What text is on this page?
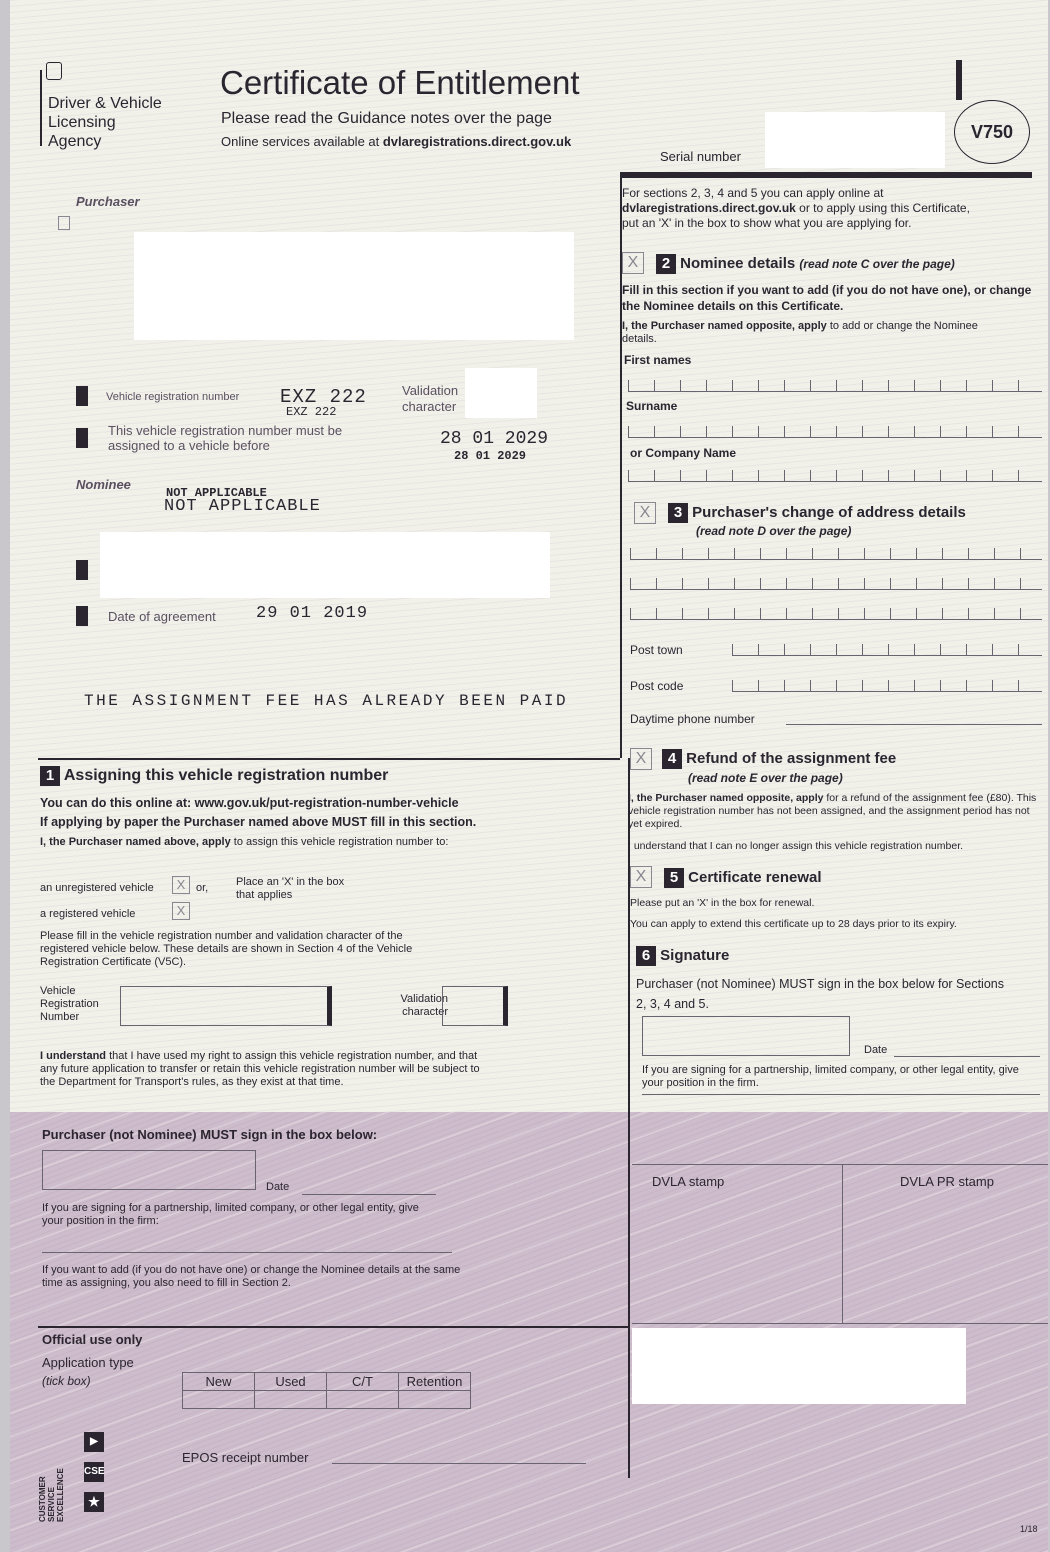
Driver & Vehicle
Licensing
Agency
Certificate of Entitlement
Please read the Guidance notes over the page
Online services available at dvlaregistrations.direct.gov.uk
Serial number
V750
Purchaser
Vehicle registration number EXZ 222
EXZ 222
Validation character
This vehicle registration number must be assigned to a vehicle before	28 01 2029
28 01 2029
Nominee
NOT APPLICABLE
NOT APPLICABLE
Date of agreement 29 01 2019
THE ASSIGNMENT FEE HAS ALREADY BEEN PAID
1 Assigning this vehicle registration number
You can do this online at: www.gov.uk/put-registration-number-vehicle
If applying by paper the Purchaser named above MUST fill in this section.
I, the Purchaser named above, apply to assign this vehicle registration number to:
an unregistered vehicle	X or,
a registered vehicle	X
Place an 'X' in the box that applies
Please fill in the vehicle registration number and validation character of the registered vehicle below. These details are shown in Section 4 of the Vehicle Registration Certificate (V5C).
Vehicle Registration Number
Validation character
I understand that I have used my right to assign this vehicle registration number, and that any future application to transfer or retain this vehicle registration number will be subject to the Department for Transport's rules, as they exist at that time.
Purchaser (not Nominee) MUST sign in the box below:
Date
If you are signing for a partnership, limited company, or other legal entity, give your position in the firm:
If you want to add (if you do not have one) or change the Nominee details at the same time as assigning, you also need to fill in Section 2.
Official use only
Application type
(tick box)	New	Used	C/T	Retention

EPOS receipt number
CUSTOMER SERVICE EXCELLENCE
▶
CSE
★
For sections 2, 3, 4 and 5 you can apply online at
dvlaregistrations.direct.gov.uk or to apply using this Certificate,
put an 'X' in the box to show what you are applying for.
X	2 Nominee details (read note C over the page)
Fill in this section if you want to add (if you do not have one), or change the Nominee details on this Certificate.
I, the Purchaser named opposite, apply to add or change the Nominee details.
First names
Surname
or Company Name
X	3 Purchaser's change of address details
(read note D over the page)
Post town
Post code
Daytime phone number
X	4 Refund of the assignment fee
(read note E over the page)
I, the Purchaser named opposite, apply for a refund of the assignment fee (£80). This vehicle registration number has not been assigned, and the assignment period has not yet expired.
I understand that I can no longer assign this vehicle registration number.
X	5 Certificate renewal
Please put an 'X' in the box for renewal.
You can apply to extend this certificate up to 28 days prior to its expiry.
6 Signature
Purchaser (not Nominee) MUST sign in the box below for Sections 2, 3, 4 and 5.
Date
If you are signing for a partnership, limited company, or other legal entity, give your position in the firm.
DVLA stamp	DVLA PR stamp
1/18
